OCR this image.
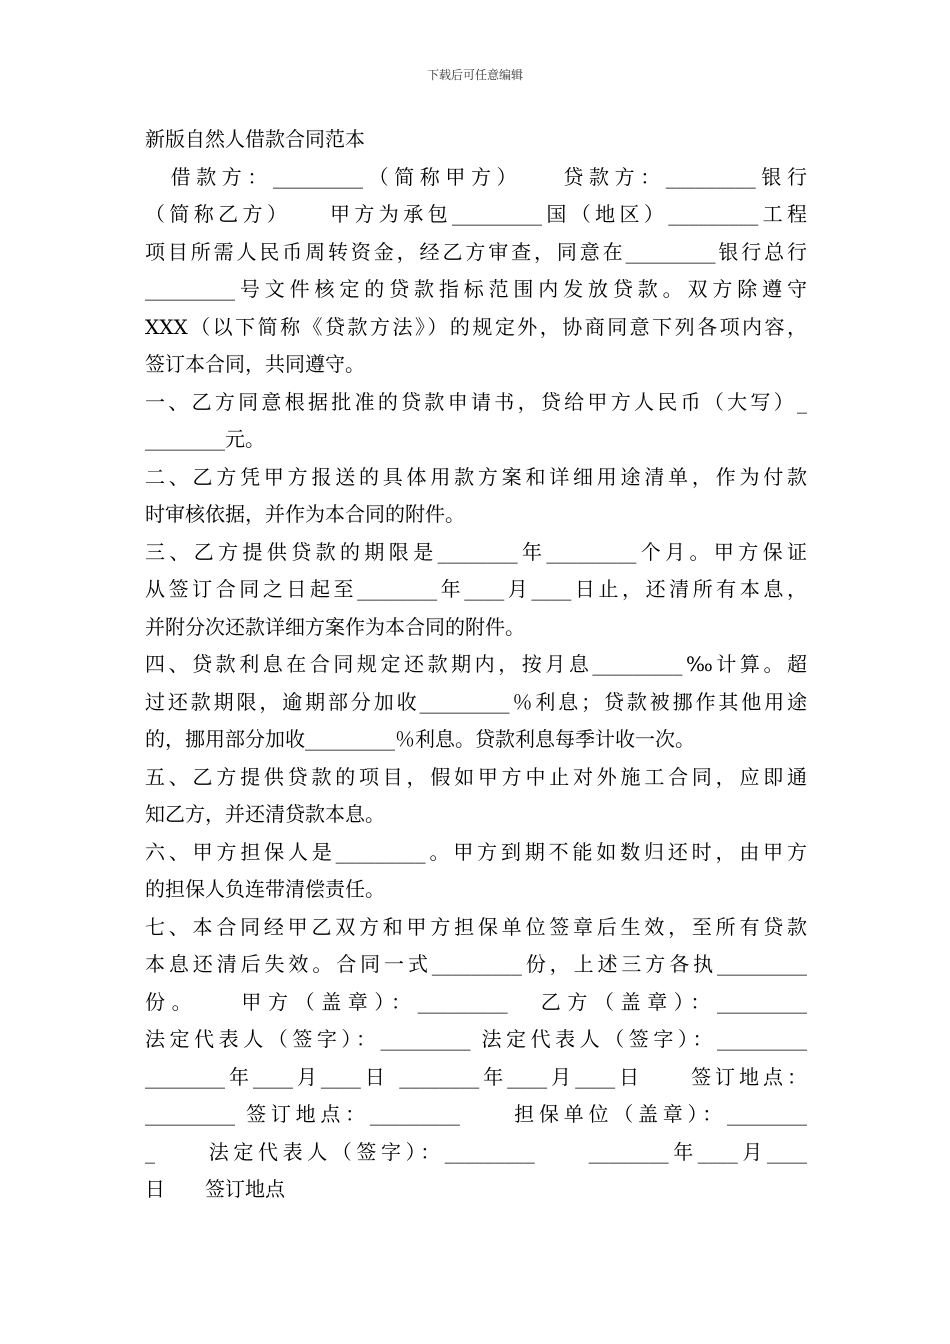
下载后可任意编辑

新版自然人借款合同范本

　借款方：_________（简称甲方）　　贷款方：_________银行

（简称乙方）　　甲方为承包_________国（地区）_________工程

项目所需人民币周转资金，经乙方审查，同意在_________银行总行

_________号文件核定的贷款指标范围内发放贷款。双方除遵守

XXX（以下简称《贷款方法》）的规定外，协商同意下列各项内容，

签订本合同，共同遵守。

一、乙方同意根据批准的贷款申请书，贷给甲方人民币（大写）_

________元。

二、乙方凭甲方报送的具体用款方案和详细用途清单，作为付款

时审核依据，并作为本合同的附件。

三、乙方提供贷款的期限是________年_________个月。甲方保证

从签订合同之日起至________年____月____日止，还清所有本息，

并附分次还款详细方案作为本合同的附件。

四、贷款利息在合同规定还款期内，按月息_________‰计算。超

过还款期限，逾期部分加收_________％利息；贷款被挪作其他用途

的，挪用部分加收_________％利息。贷款利息每季计收一次。

五、乙方提供贷款的项目，假如甲方中止对外施工合同，应即通

知乙方，并还清贷款本息。

六、甲方担保人是_________。甲方到期不能如数归还时，由甲方

的担保人负连带清偿责任。

七、本合同经甲乙双方和甲方担保单位签章后生效，至所有贷款

本息还清后失效。合同一式_________份，上述三方各执_________

份。　　甲方（盖章）：_________　乙方（盖章）：_________

法定代表人（签字）：_________ 法定代表人（签字）：_________

________年____月____日 ________年____月____日　　签订地点：

_________ 签订地点：_________　　担保单位（盖章）：________

_　　法定代表人（签字）：_________　　________年____月____

日　　签订地点
